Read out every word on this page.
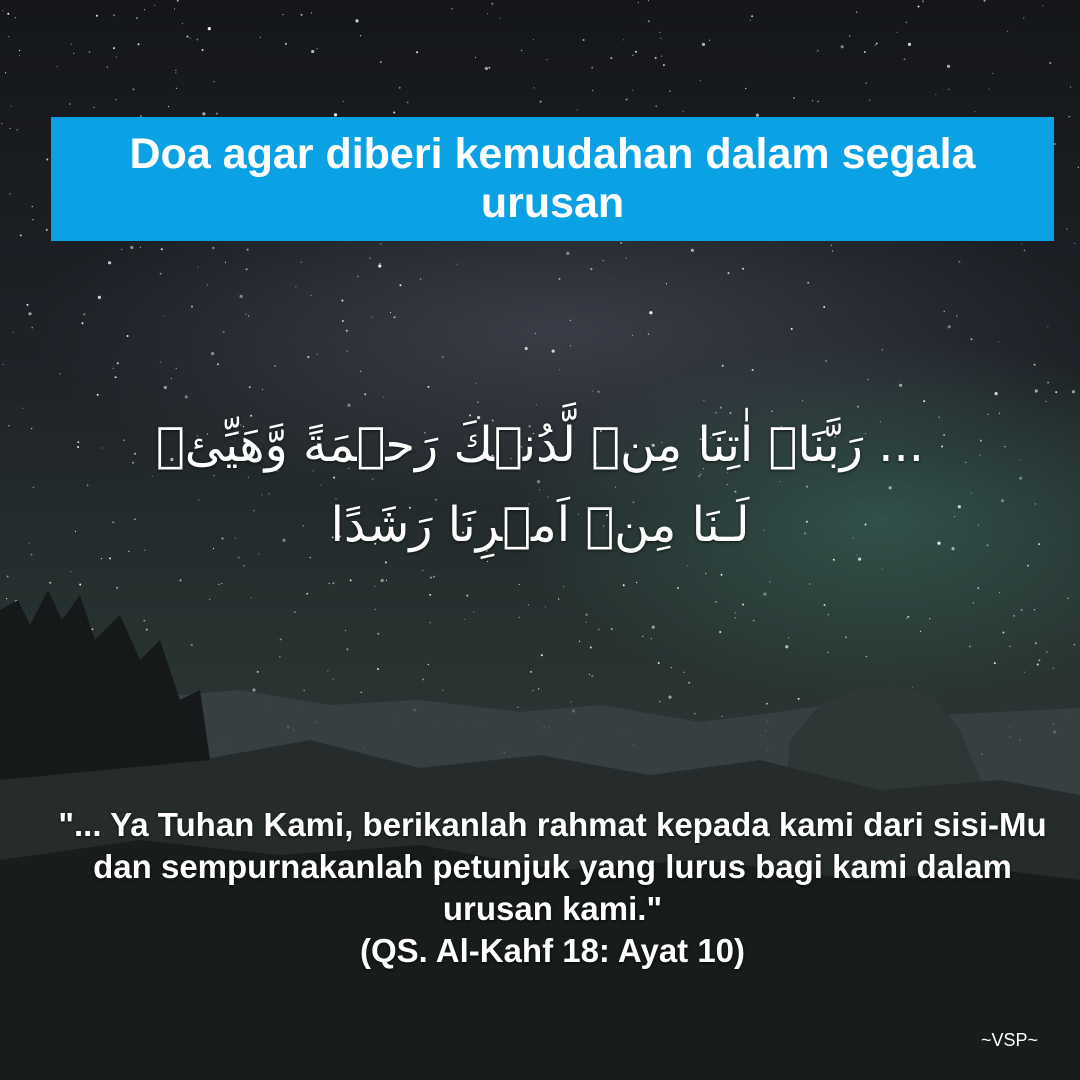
Doa agar diberi kemudahan dalam segala urusan
... رَبَّنَاۤ اٰتِنَا مِنۡ لَّدُنۡكَ رَحۡمَةً وَّهَيِّئۡ
لَـنَا مِنۡ اَمۡرِنَا رَشَدًا
"... Ya Tuhan Kami, berikanlah rahmat kepada kami dari sisi-Mu
dan sempurnakanlah petunjuk yang lurus bagi kami dalam
urusan kami."
(QS. Al-Kahf 18: Ayat 10)
~VSP~
